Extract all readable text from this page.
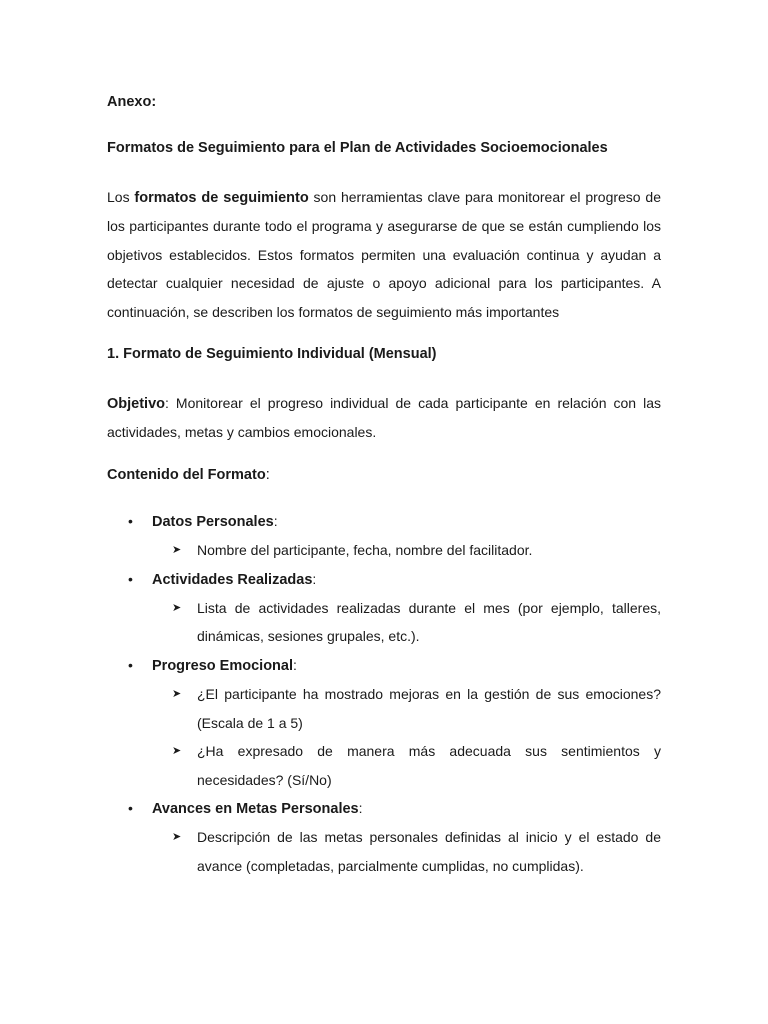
Anexo:
Formatos de Seguimiento para el Plan de Actividades Socioemocionales

Los formatos de seguimiento son herramientas clave para monitorear el progreso de los participantes durante todo el programa y asegurarse de que se están cumpliendo los objetivos establecidos. Estos formatos permiten una evaluación continua y ayudan a detectar cualquier necesidad de ajuste o apoyo adicional para los participantes. A continuación, se describen los formatos de seguimiento más importantes

1. Formato de Seguimiento Individual (Mensual)

Objetivo: Monitorear el progreso individual de cada participante en relación con las actividades, metas y cambios emocionales.

Contenido del Formato:
• Datos Personales:
➤ Nombre del participante, fecha, nombre del facilitador.
• Actividades Realizadas:
➤ Lista de actividades realizadas durante el mes (por ejemplo, talleres, dinámicas, sesiones grupales, etc.).
• Progreso Emocional:
➤ ¿El participante ha mostrado mejoras en la gestión de sus emociones? (Escala de 1 a 5)
➤ ¿Ha expresado de manera más adecuada sus sentimientos y necesidades? (Sí/No)
• Avances en Metas Personales:
➤ Descripción de las metas personales definidas al inicio y el estado de avance (completadas, parcialmente cumplidas, no cumplidas).
